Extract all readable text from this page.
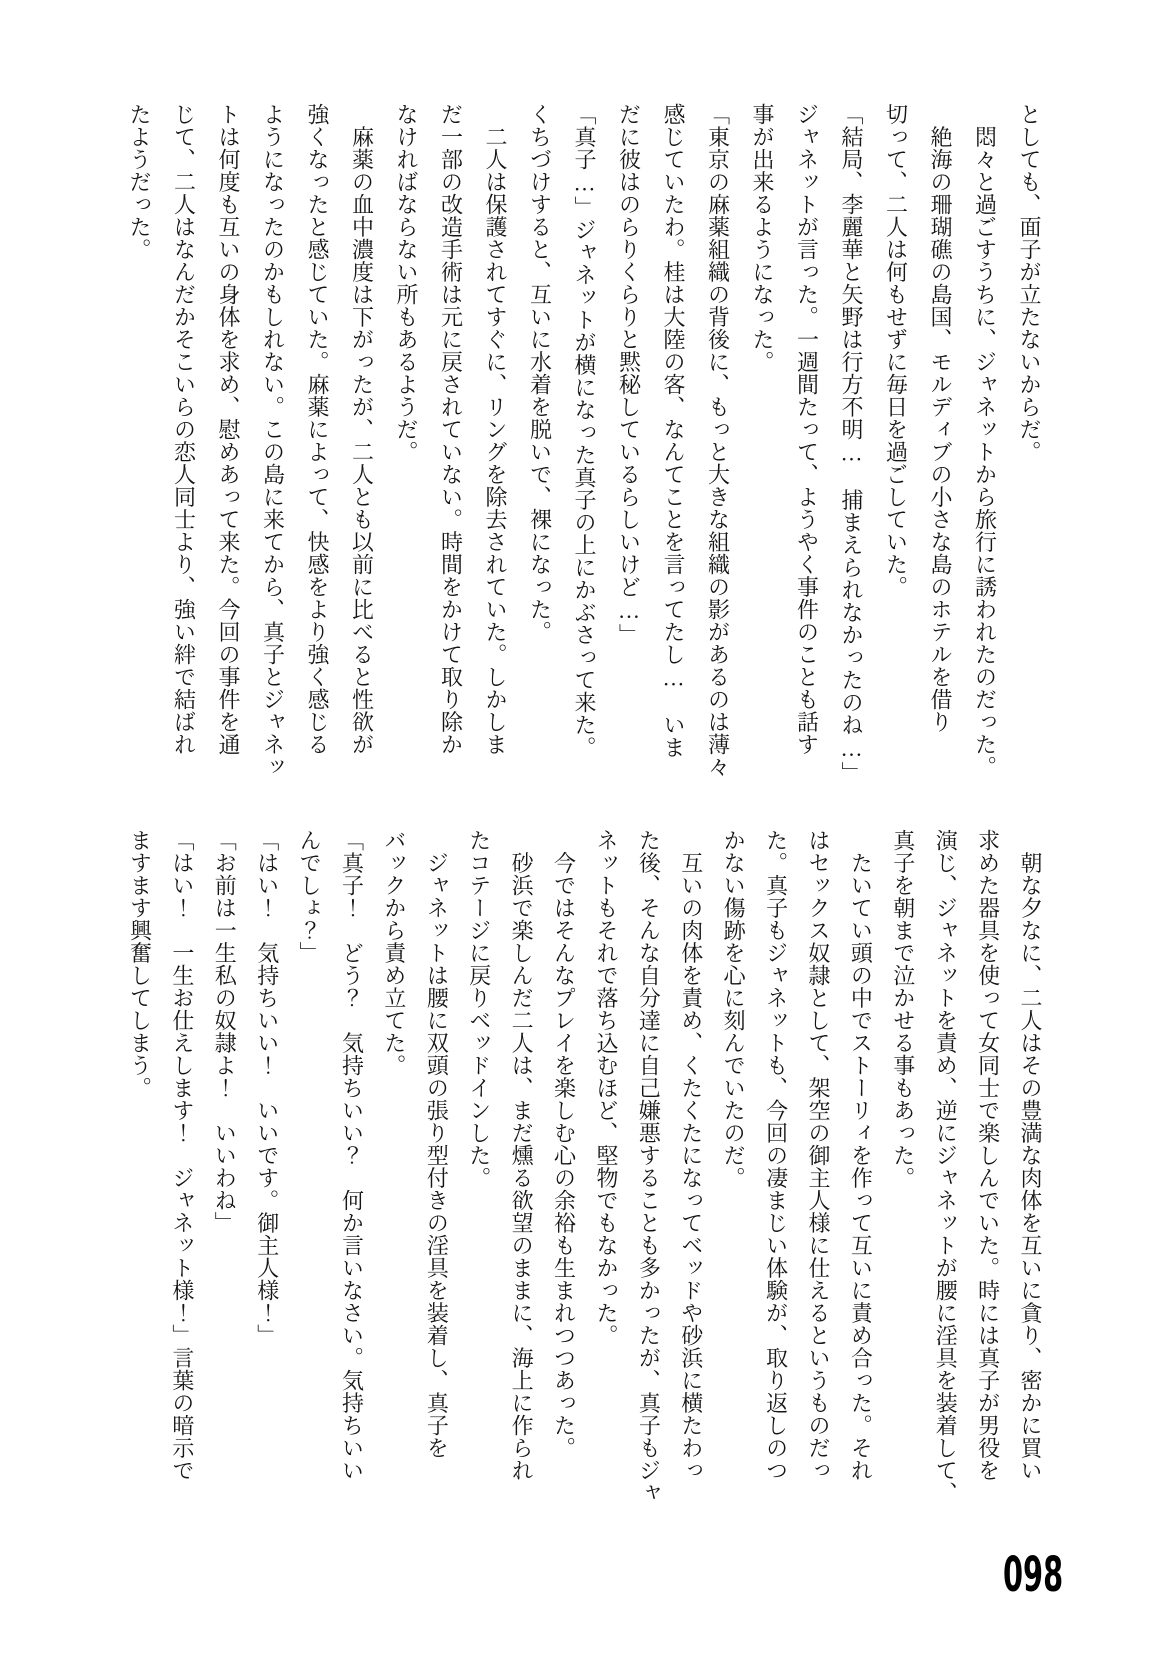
としても、面子が立たないからだ。

　悶々と過ごすうちに、ジャネットから旅行に誘われたのだった。

　絶海の珊瑚礁の島国、モルディブの小さな島のホテルを借り

切って、二人は何もせずに毎日を過ごしていた。

「結局、李麗華と矢野は行方不明…　捕まえられなかったのね…」

ジャネットが言った。一週間たって、ようやく事件のことも話す

事が出来るようになった。

「東京の麻薬組織の背後に、もっと大きな組織の影があるのは薄々

感じていたわ。桂は大陸の客、なんてことを言ってたし…　いま

だに彼はのらりくらりと黙秘しているらしいけど…」

「真子…」ジャネットが横になった真子の上にかぶさって来た。

くちづけすると、互いに水着を脱いで、裸になった。

　二人は保護されてすぐに、リングを除去されていた。しかしま

だ一部の改造手術は元に戻されていない。時間をかけて取り除か

なければならない所もあるようだ。

　麻薬の血中濃度は下がったが、二人とも以前に比べると性欲が

強くなったと感じていた。麻薬によって、快感をより強く感じる

ようになったのかもしれない。この島に来てから、真子とジャネッ

トは何度も互いの身体を求め、慰めあって来た。今回の事件を通

じて、二人はなんだかそこいらの恋人同士より、強い絆で結ばれ

たようだった。

　朝な夕なに、二人はその豊満な肉体を互いに貪り、密かに買い

求めた器具を使って女同士で楽しんでいた。時には真子が男役を

演じ、ジャネットを責め、逆にジャネットが腰に淫具を装着して、

真子を朝まで泣かせる事もあった。

　たいてい頭の中でストーリィを作って互いに責め合った。それ

はセックス奴隷として、架空の御主人様に仕えるというものだっ

た。真子もジャネットも、今回の凄まじい体験が、取り返しのつ

かない傷跡を心に刻んでいたのだ。

　互いの肉体を責め、くたくたになってベッドや砂浜に横たわっ

た後、そんな自分達に自己嫌悪することも多かったが、真子もジャ

ネットもそれで落ち込むほど、堅物でもなかった。

　今ではそんなプレイを楽しむ心の余裕も生まれつつあった。

　砂浜で楽しんだ二人は、まだ燻る欲望のままに、海上に作られ

たコテージに戻りベッドインした。

　ジャネットは腰に双頭の張り型付きの淫具を装着し、真子を

バックから責め立てた。

「真子！　どう？　気持ちいい？　何か言いなさい。気持ちいい

んでしょ？」

「はい！　気持ちいい！　いいです。御主人様！」

「お前は一生私の奴隷よ！　いいわね」

「はい！　一生お仕えします！　ジャネット様！」言葉の暗示で

ますます興奮してしまう。

098
